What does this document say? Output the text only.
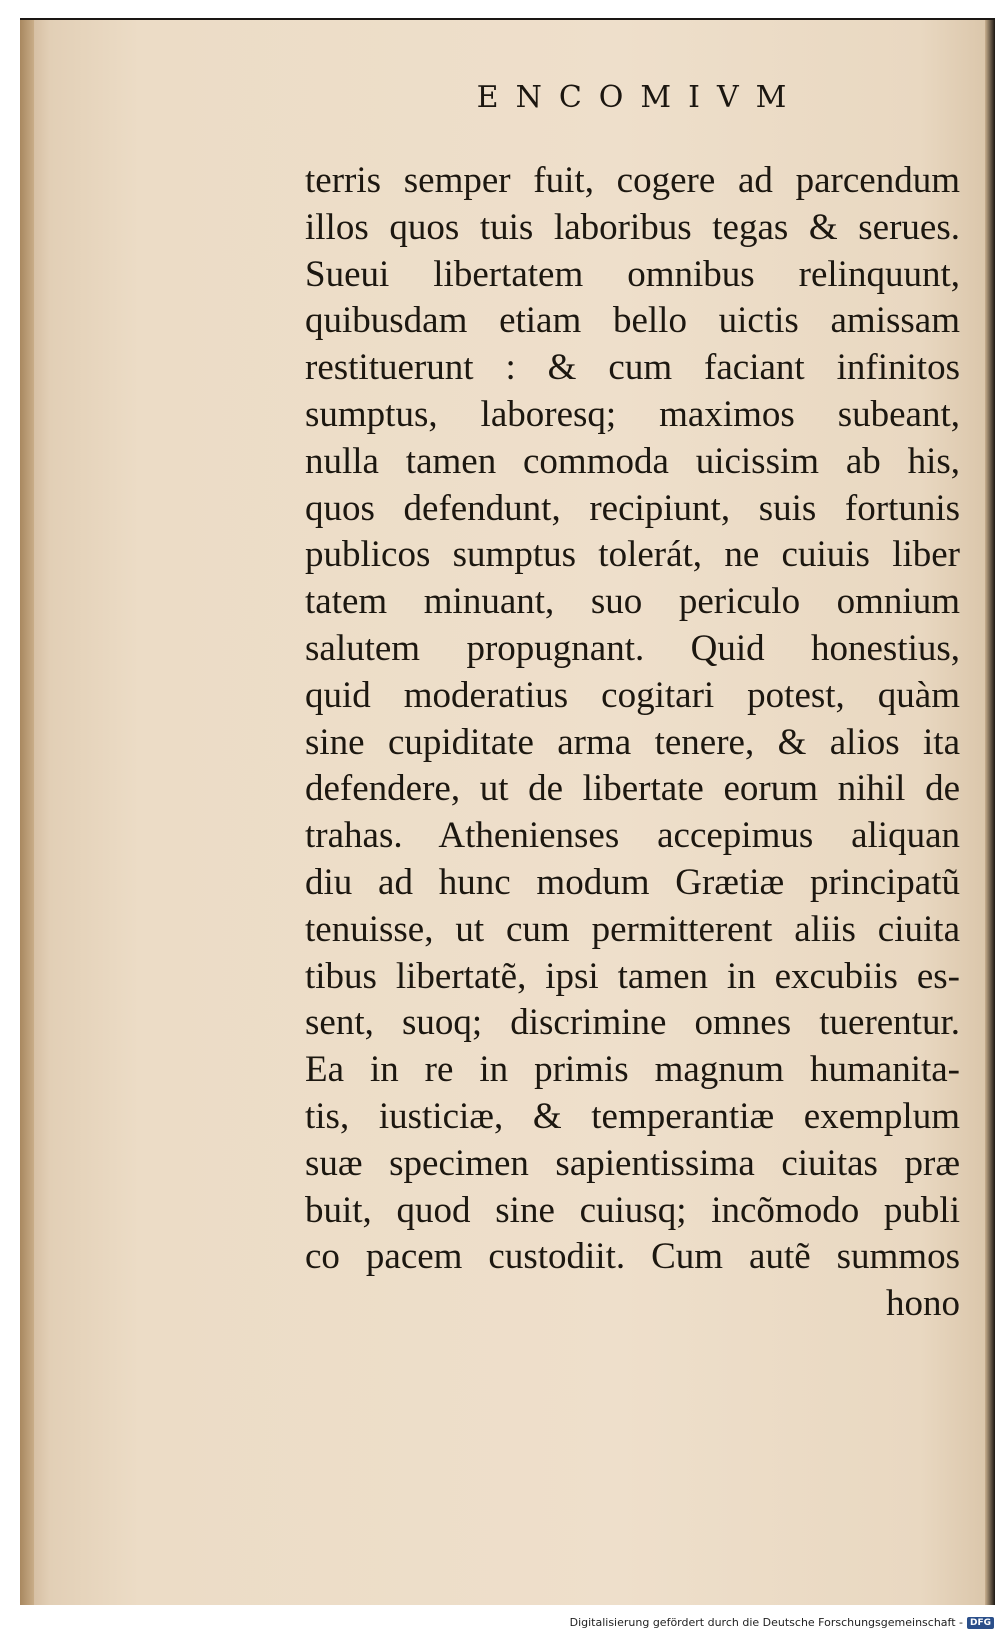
ENCOMIVM
terris semper fuit, cogere ad parcendum
illos quos tuis laboribus tegas & serues.
Sueui libertatem omnibus relinquunt,
quibusdam etiam bello uictis amissam
restituerunt : & cum faciant infinitos
sumptus, laboresq; maximos subeant,
nulla tamen commoda uicissim ab his,
quos defendunt, recipiunt, suis fortunis
publicos sumptus tolerát, ne cuiuis liber
tatem minuant, suo periculo omnium
salutem propugnant. Quid honestius,
quid moderatius cogitari potest, quàm
sine cupiditate arma tenere, & alios ita
defendere, ut de libertate eorum nihil de
trahas. Athenienses accepimus aliquan
diu ad hunc modum Grætiæ principatũ
tenuisse, ut cum permitterent aliis ciuita
tibus libertatẽ, ipsi tamen in excubiis es-
sent, suoq; discrimine omnes tuerentur.
Ea in re in primis magnum humanita-
tis, iusticiæ, & temperantiæ exemplum
suæ specimen sapientissima ciuitas præ
buit, quod sine cuiusq; incõmodo publi
co pacem custodiit. Cum autẽ summos
hono
Digitalisierung gefördert durch die Deutsche Forschungsgemeinschaft - DFG
